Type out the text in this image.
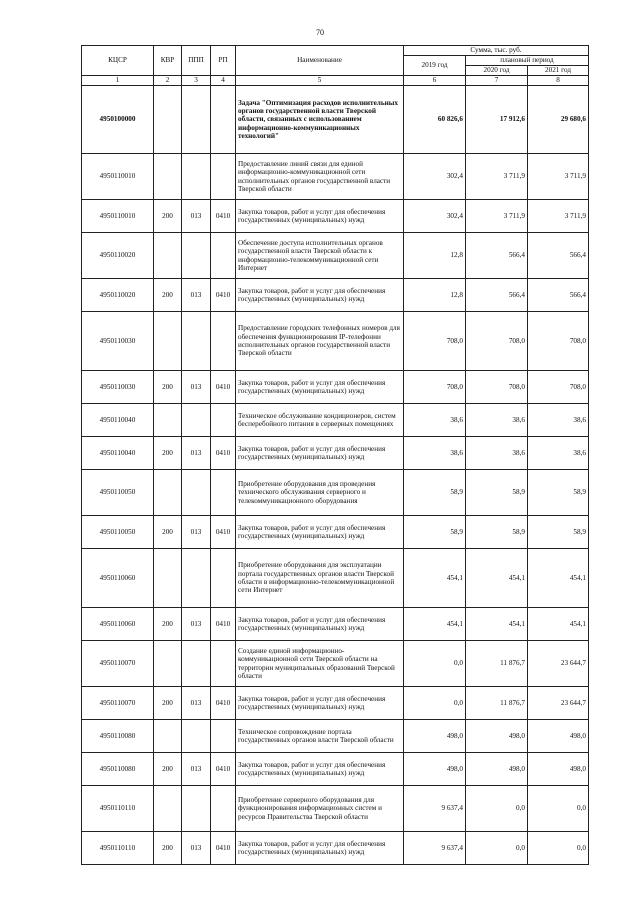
70
КЦСР	КВР	ППП	РП	Наименование	Сумма, тыс. руб.		
					2019 год	плановый период	
						2020 год	2021 год
1	2	3	4	5	6	7	8
4950100000				Задача "Оптимизация расходов исполнительных органов государственной власти Тверской области, связанных с использованием информационно-коммуникационных технологий"	60 826,6	17 912,6	29 680,6
4950110010				Предоставление линий связи для единой информационно-коммуникационной сети исполнительных органов государственной власти Тверской области	302,4	3 711,9	3 711,9
4950110010	200	013	0410	Закупка товаров, работ и услуг для обеспечения государственных (муниципальных) нужд	302,4	3 711,9	3 711,9
4950110020				Обеспечение доступа исполнительных органов государственной власти Тверской области к информационно-телекоммуникационной сети Интернет	12,8	566,4	566,4
4950110020	200	013	0410	Закупка товаров, работ и услуг для обеспечения государственных (муниципальных) нужд	12,8	566,4	566,4
4950110030				Предоставление городских телефонных номеров для обеспечения функционирования IP-телефонии исполнительных органов государственной власти Тверской области	708,0	708,0	708,0
4950110030	200	013	0410	Закупка товаров, работ и услуг для обеспечения государственных (муниципальных) нужд	708,0	708,0	708,0
4950110040				Техническое обслуживание кондиционеров, систем бесперебойного питания в серверных помещениях	38,6	38,6	38,6
4950110040	200	013	0410	Закупка товаров, работ и услуг для обеспечения государственных (муниципальных) нужд	38,6	38,6	38,6
4950110050				Приобретение оборудования для проведения технического обслуживания серверного и телекоммуникационного оборудования	58,9	58,9	58,9
4950110050	200	013	0410	Закупка товаров, работ и услуг для обеспечения государственных (муниципальных) нужд	58,9	58,9	58,9
4950110060				Приобретение оборудования для эксплуатации портала государственных органов власти Тверской области в информационно-телекоммуникационной сети Интернет	454,1	454,1	454,1
4950110060	200	013	0410	Закупка товаров, работ и услуг для обеспечения государственных (муниципальных) нужд	454,1	454,1	454,1
4950110070				Создание единой информационно-коммуникационной сети Тверской области на территории муниципальных образований Тверской области	0,0	11 876,7	23 644,7
4950110070	200	013	0410	Закупка товаров, работ и услуг для обеспечения государственных (муниципальных) нужд	0,0	11 876,7	23 644,7
4950110080				Техническое сопровождение портала государственных органов власти Тверской области	498,0	498,0	498,0
4950110080	200	013	0410	Закупка товаров, работ и услуг для обеспечения государственных (муниципальных) нужд	498,0	498,0	498,0
4950110110				Приобретение серверного оборудования для функционирования информационных систем и ресурсов Правительства Тверской области	9 637,4	0,0	0,0
4950110110	200	013	0410	Закупка товаров, работ и услуг для обеспечения государственных (муниципальных) нужд	9 637,4	0,0	0,0
